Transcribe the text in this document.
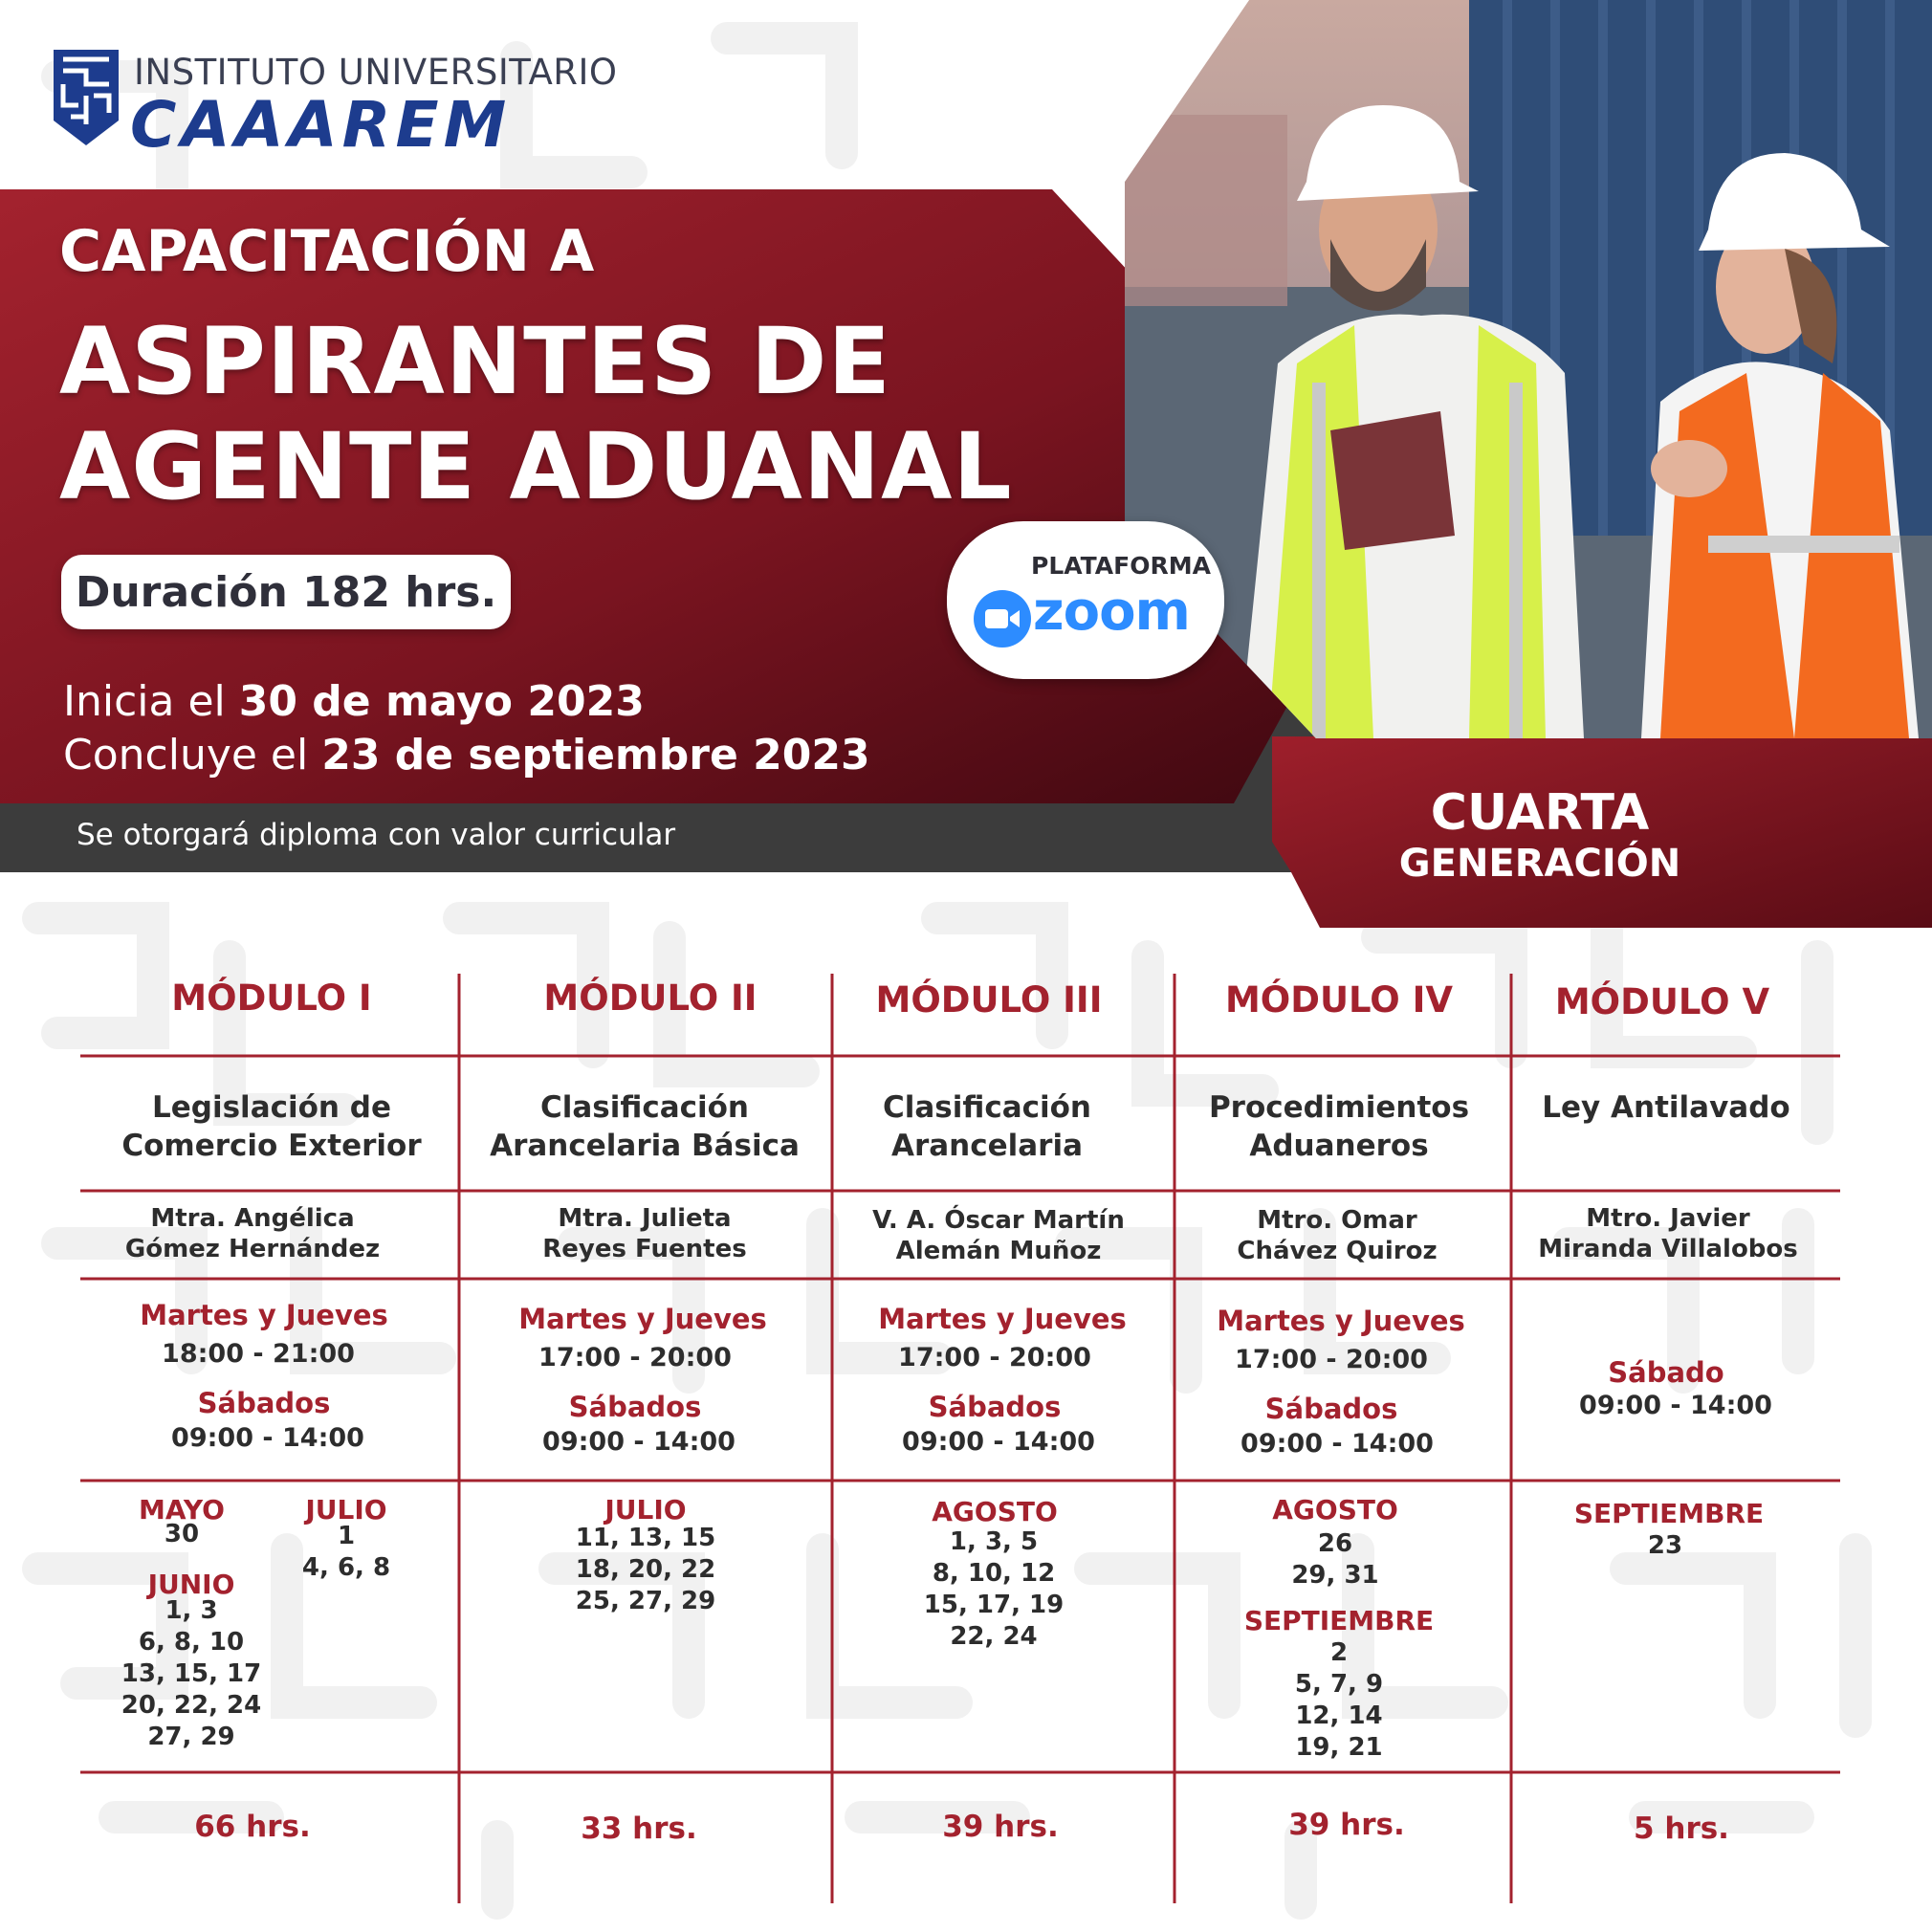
INSTITUTO UNIVERSITARIO
CAAAREM
CAPACITACIÓN A
ASPIRANTES DE
AGENTE ADUANAL
Duración 182 hrs.
Inicia el 30 de mayo 2023
Concluye el 23 de septiembre 2023
Se otorgará diploma con valor curricular
PLATAFORMA
zoom
CUARTA
GENERACIÓN
MÓDULO I
Legislación de
Comercio Exterior
Mtra. Angélica
Gómez Hernández
Martes y Jueves
18:00 - 21:00
Sábados
09:00 - 14:00
MAYO
30
JUNIO
1, 3
6, 8, 10
13, 15, 17
20, 22, 24
27, 29
JULIO
1
4, 6, 8
66 hrs.
MÓDULO II
Clasificación
Arancelaria Básica
Mtra. Julieta
Reyes Fuentes
Martes y Jueves
17:00 - 20:00
Sábados
09:00 - 14:00
JULIO
11, 13, 15
18, 20, 22
25, 27, 29
33 hrs.
MÓDULO III
Clasificación
Arancelaria
V. A. Óscar Martín
Alemán Muñoz
Martes y Jueves
17:00 - 20:00
Sábados
09:00 - 14:00
AGOSTO
1, 3, 5
8, 10, 12
15, 17, 19
22, 24
39 hrs.
MÓDULO IV
Procedimientos
Aduaneros
Mtro. Omar
Chávez Quiroz
Martes y Jueves
17:00 - 20:00
Sábados
09:00 - 14:00
AGOSTO
26
29, 31
SEPTIEMBRE
2
5, 7, 9
12, 14
19, 21
39 hrs.
MÓDULO V
Ley Antilavado
Mtro. Javier
Miranda Villalobos
Sábado
09:00 - 14:00
SEPTIEMBRE
23
5 hrs.
